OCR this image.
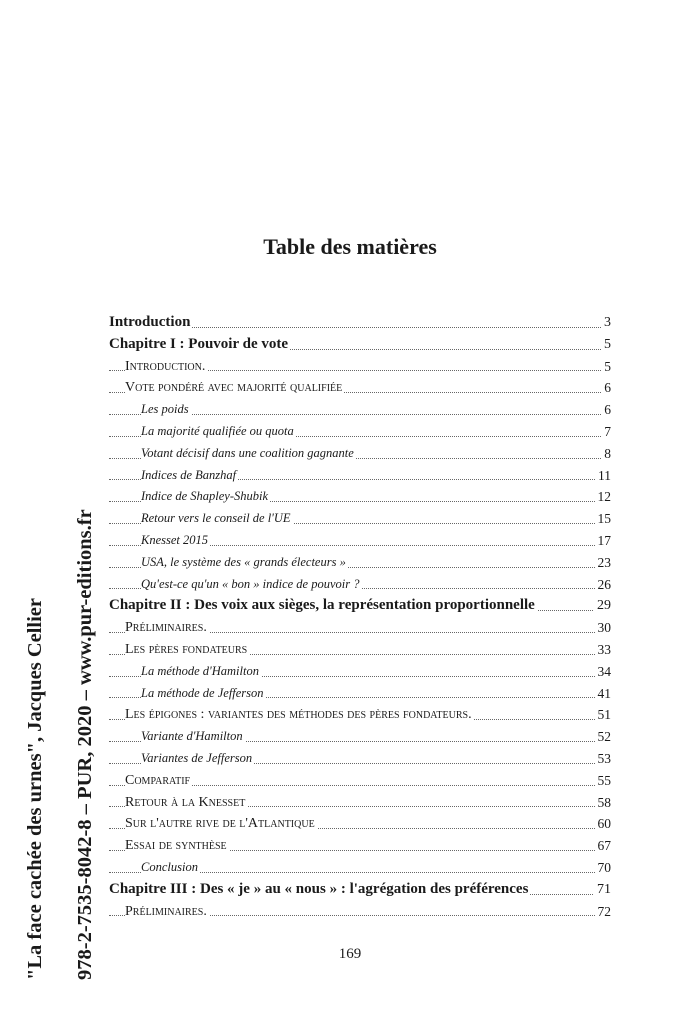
"La face cachée des urnes", Jacques Cellier	978-2-7535-8042-8 – PUR, 2020 – www.pur-editions.fr
Table des matières
Introduction	3
Chapitre I : Pouvoir de vote	5
Introduction.	5
Vote pondéré avec majorité qualifiée	6
Les poids	6
La majorité qualifiée ou quota	7
Votant décisif dans une coalition gagnante	8
Indices de Banzhaf	11
Indice de Shapley-Shubik	12
Retour vers le conseil de l'UE	15
Knesset 2015	17
USA, le système des « grands électeurs »	23
Qu'est-ce qu'un « bon » indice de pouvoir ?	26
Chapitre II : Des voix aux sièges, la représentation proportionnelle	29
Préliminaires.	30
Les pères fondateurs	33
La méthode d'Hamilton	34
La méthode de Jefferson	41
Les épigones : variantes des méthodes des pères fondateurs.	51
Variante d'Hamilton	52
Variantes de Jefferson	53
Comparatif	55
Retour à la Knesset	58
Sur l'autre rive de l'Atlantique	60
Essai de synthèse	67
Conclusion	70
Chapitre III : Des « je » au « nous » : l'agrégation des préférences	71
Préliminaires.	72
169
